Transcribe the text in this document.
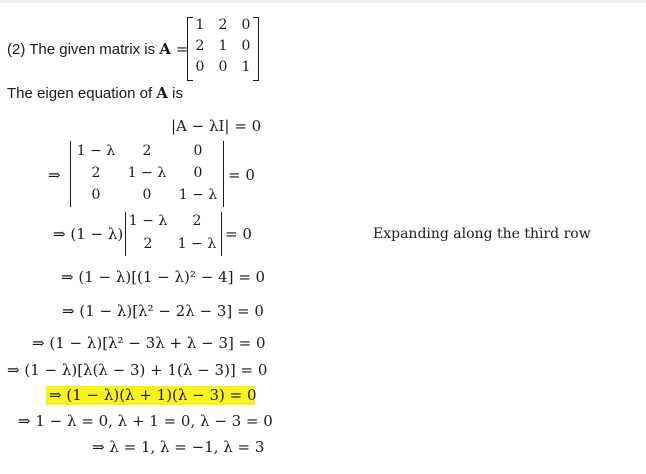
(2) The given matrix is A =
1	2	0
2	1	0
0	0	1
The eigen equation of A is
|A − λI| = 0
⇒
1 − λ	2	0
2	1 − λ	0
0	0	1 − λ
= 0
⇒ (1 − λ)
1 − λ	2
2	1 − λ
= 0	Expanding along the third row
⇒ (1 − λ)[(1 − λ)² − 4] = 0
⇒ (1 − λ)[λ² − 2λ − 3] = 0
⇒ (1 − λ)[λ² − 3λ + λ − 3] = 0
⇒ (1 − λ)[λ(λ − 3) + 1(λ − 3)] = 0
⇒ (1 − λ)(λ + 1)(λ − 3) = 0
⇒ 1 − λ = 0, λ + 1 = 0, λ − 3 = 0
⇒ λ = 1, λ = −1, λ = 3
